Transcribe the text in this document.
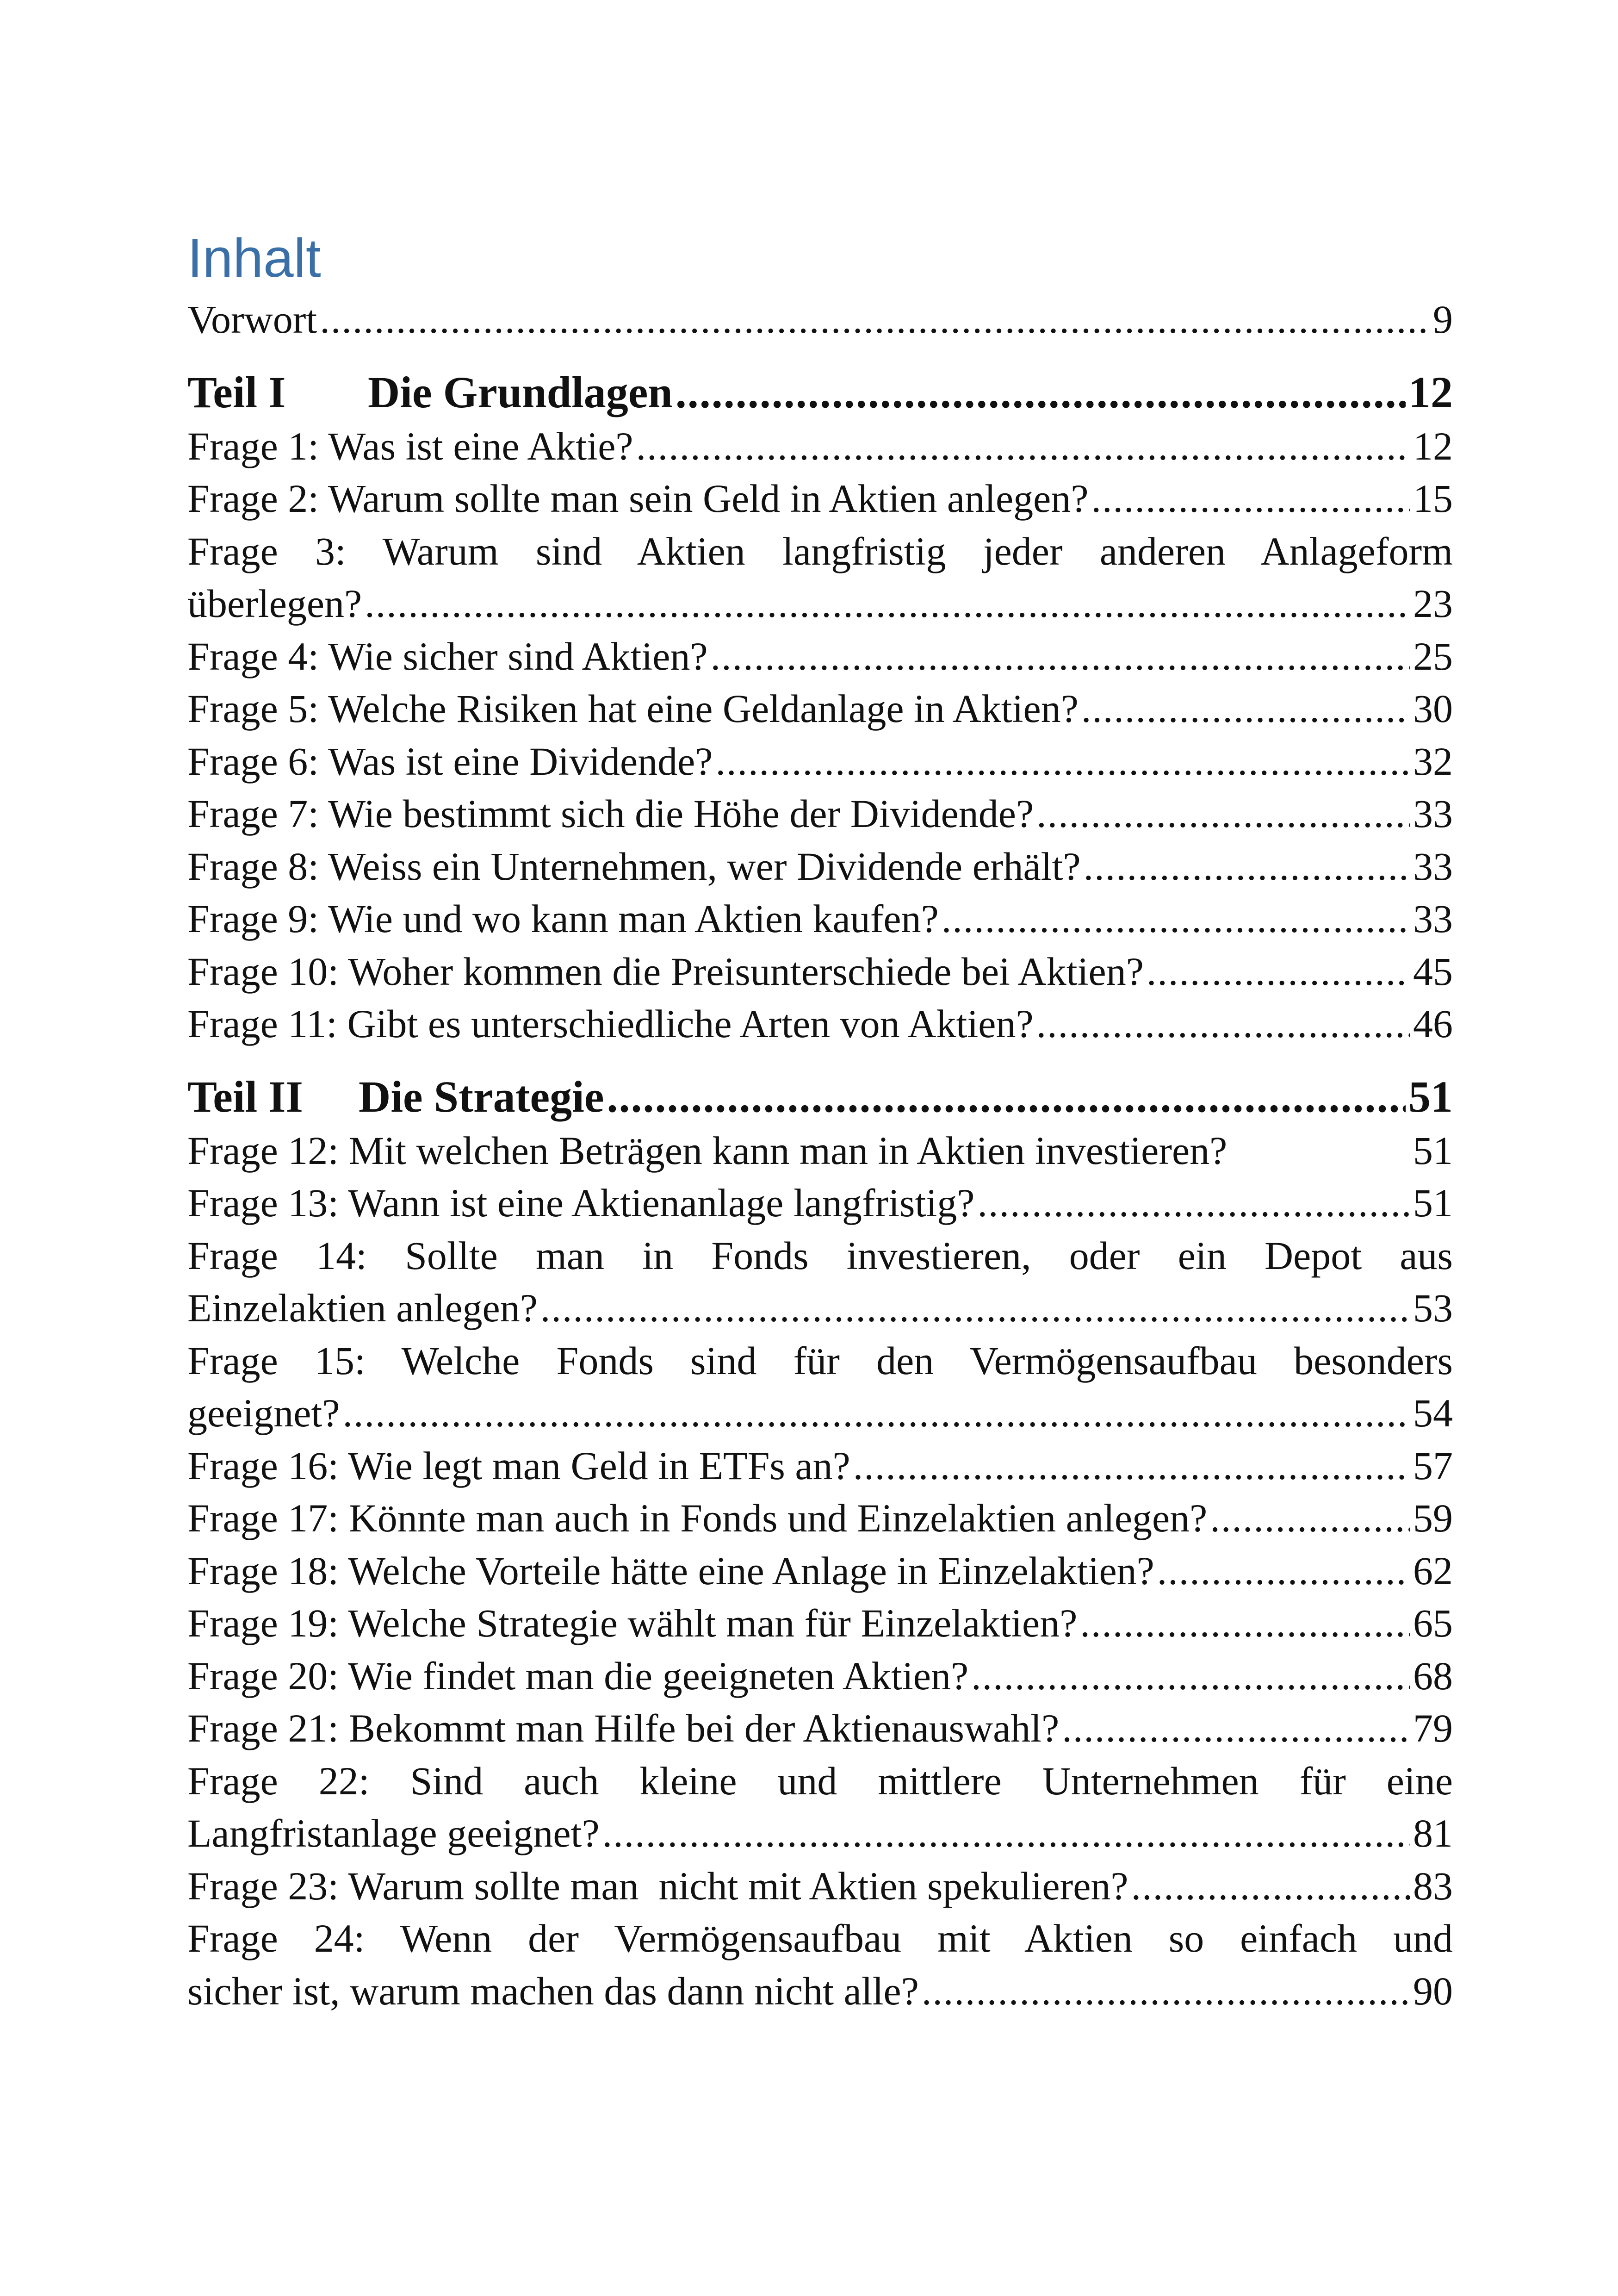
Inhalt
Vorwort .....	9
Teil I	Die Grundlagen .....	12
Frage 1: Was ist eine Aktie? .....	12
Frage 2: Warum sollte man sein Geld in Aktien anlegen? .....	15
Frage 3: Warum sind Aktien langfristig jeder anderen Anlageform
überlegen? .....	23
Frage 4: Wie sicher sind Aktien? .....	25
Frage 5: Welche Risiken hat eine Geldanlage in Aktien? .....	30
Frage 6: Was ist eine Dividende? .....	32
Frage 7: Wie bestimmt sich die Höhe der Dividende? .....	33
Frage 8: Weiss ein Unternehmen, wer Dividende erhält? .....	33
Frage 9: Wie und wo kann man Aktien kaufen? .....	33
Frage 10: Woher kommen die Preisunterschiede bei Aktien? .....	45
Frage 11: Gibt es unterschiedliche Arten von Aktien? .....	46
Teil II	Die Strategie .....	51
Frage 12: Mit welchen Beträgen kann man in Aktien investieren?	51
Frage 13: Wann ist eine Aktienanlage langfristig? .....	51
Frage 14: Sollte man in Fonds investieren, oder ein Depot aus
Einzelaktien anlegen? .....	53
Frage 15: Welche Fonds sind für den Vermögensaufbau besonders
geeignet? .....	54
Frage 16: Wie legt man Geld in ETFs an? .....	57
Frage 17: Könnte man auch in Fonds und Einzelaktien anlegen? .....	59
Frage 18: Welche Vorteile hätte eine Anlage in Einzelaktien? .....	62
Frage 19: Welche Strategie wählt man für Einzelaktien? .....	65
Frage 20: Wie findet man die geeigneten Aktien? .....	68
Frage 21: Bekommt man Hilfe bei der Aktienauswahl? .....	79
Frage 22: Sind auch kleine und mittlere Unternehmen für eine
Langfristanlage geeignet? .....	81
Frage 23: Warum sollte man  nicht mit Aktien spekulieren? .....	83
Frage 24: Wenn der Vermögensaufbau mit Aktien so einfach und
sicher ist, warum machen das dann nicht alle? .....	90
